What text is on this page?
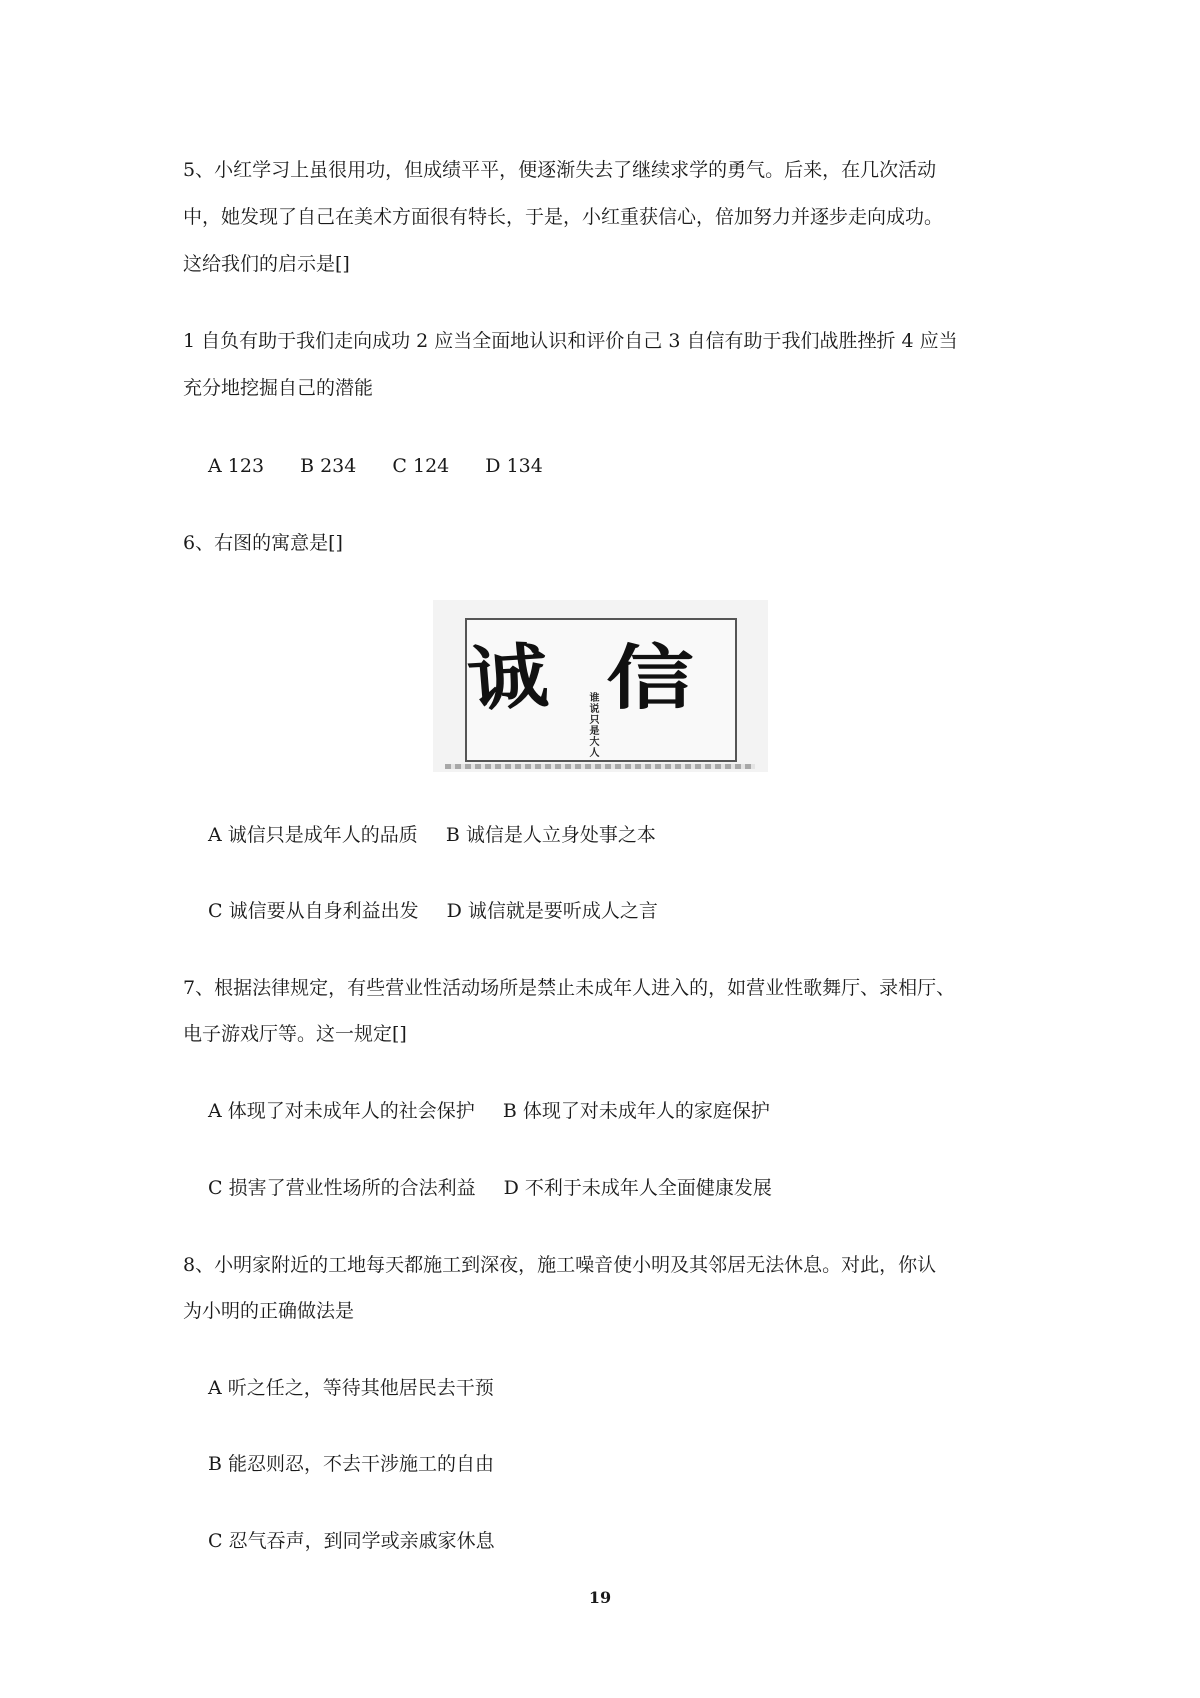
5、小红学习上虽很用功，但成绩平平，便逐渐失去了继续求学的勇气。后来，在几次活动
中，她发现了自己在美术方面很有特长，于是，小红重获信心，倍加努力并逐步走向成功。
这给我们的启示是[]
1 自负有助于我们走向成功 2 应当全面地认识和评价自己 3 自信有助于我们战胜挫折 4 应当
充分地挖掘自己的潜能
A 123 B 234 C 124 D 134
6、右图的寓意是[]
诚 信
谁说只是大人
A 诚信只是成年人的品质 B 诚信是人立身处事之本
C 诚信要从自身利益出发 D 诚信就是要听成人之言
7、根据法律规定，有些营业性活动场所是禁止未成年人进入的，如营业性歌舞厅、录相厅、
电子游戏厅等。这一规定[]
A 体现了对未成年人的社会保护 B 体现了对未成年人的家庭保护
C 损害了营业性场所的合法利益 D 不利于未成年人全面健康发展
8、小明家附近的工地每天都施工到深夜，施工噪音使小明及其邻居无法休息。对此，你认
为小明的正确做法是
A 听之任之，等待其他居民去干预
B 能忍则忍，不去干涉施工的自由
C 忍气吞声，到同学或亲戚家休息
19
